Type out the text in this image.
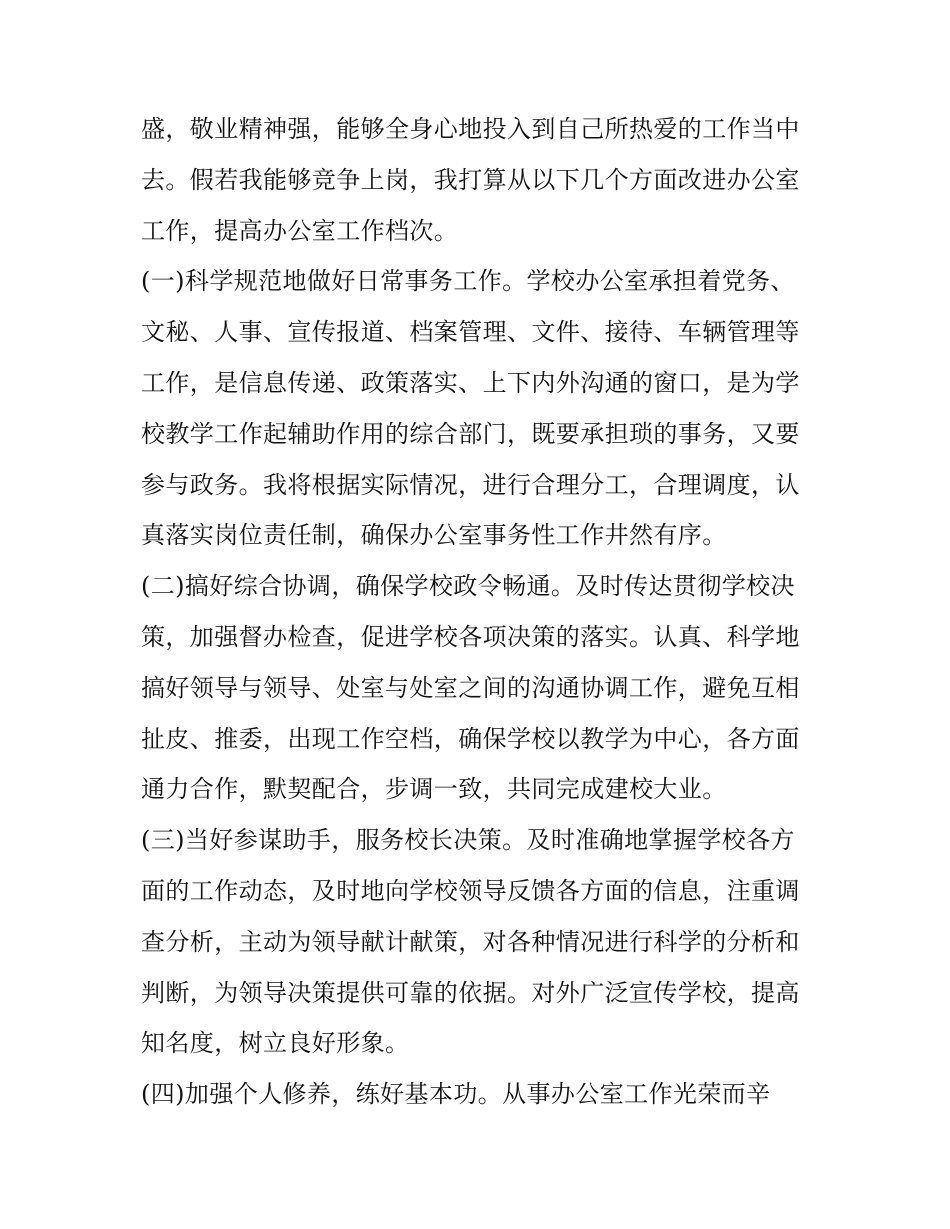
盛，敬业精神强，能够全身心地投入到自己所热爱的工作当中
去。假若我能够竞争上岗，我打算从以下几个方面改进办公室
工作，提高办公室工作档次。
(一)科学规范地做好日常事务工作。学校办公室承担着党务、
文秘、人事、宣传报道、档案管理、文件、接待、车辆管理等
工作，是信息传递、政策落实、上下内外沟通的窗口，是为学
校教学工作起辅助作用的综合部门，既要承担琐的事务，又要
参与政务。我将根据实际情况，进行合理分工，合理调度，认
真落实岗位责任制，确保办公室事务性工作井然有序。
(二)搞好综合协调，确保学校政令畅通。及时传达贯彻学校决
策，加强督办检查，促进学校各项决策的落实。认真、科学地
搞好领导与领导、处室与处室之间的沟通协调工作，避免互相
扯皮、推委，出现工作空档，确保学校以教学为中心，各方面
通力合作，默契配合，步调一致，共同完成建校大业。
(三)当好参谋助手，服务校长决策。及时准确地掌握学校各方
面的工作动态，及时地向学校领导反馈各方面的信息，注重调
查分析，主动为领导献计献策，对各种情况进行科学的分析和
判断，为领导决策提供可靠的依据。对外广泛宣传学校，提高
知名度，树立良好形象。
(四)加强个人修养，练好基本功。从事办公室工作光荣而辛
